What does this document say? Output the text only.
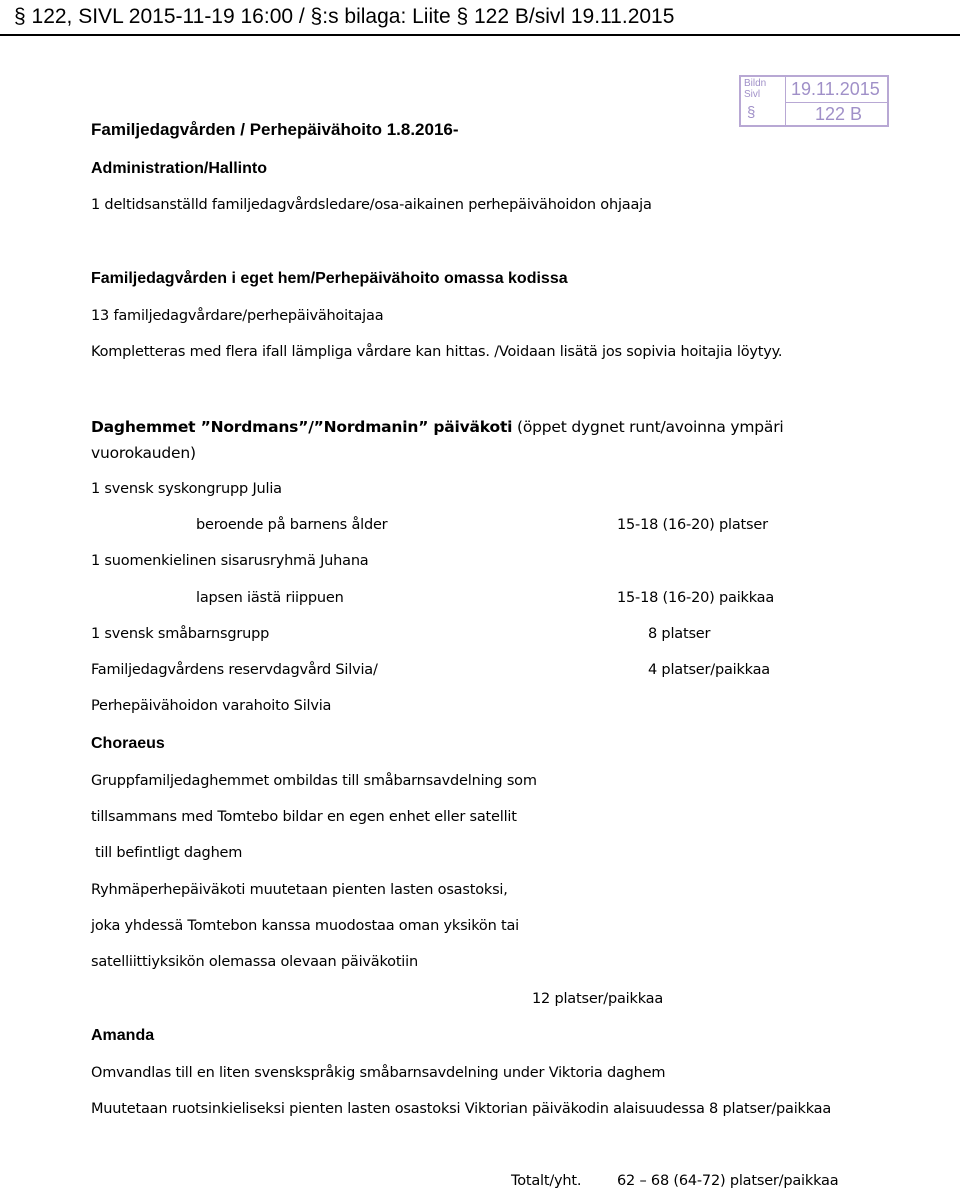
§ 122, SIVL 2015-11-19 16:00 / §:s bilaga: Liite § 122 B/sivl 19.11.2015
Bildn
Sivl 19.11.2015
§	122 B
Familjedagvården / Perhepäivähoito 1.8.2016-
Administration/Hallinto
1 deltidsanställd familjedagvårdsledare/osa-aikainen perhepäivähoidon ohjaaja
Familjedagvården i eget hem/Perhepäivähoito omassa kodissa
13 familjedagvårdare/perhepäivähoitajaa
Kompletteras med flera ifall lämpliga vårdare kan hittas. /Voidaan lisätä jos sopivia hoitajia löytyy.
Daghemmet ”Nordmans”/”Nordmanin” päiväkoti (öppet dygnet runt/avoinna ympäri
vuorokauden)
1 svensk syskongrupp Julia
beroende på barnens ålder	15-18 (16-20) platser
1 suomenkielinen sisarusryhmä Juhana
lapsen iästä riippuen	15-18 (16-20) paikkaa
1 svensk småbarnsgrupp	8 platser
Familjedagvårdens reservdagvård Silvia/	4 platser/paikkaa
Perhepäivähoidon varahoito Silvia
Choraeus
Gruppfamiljedaghemmet ombildas till småbarnsavdelning som
tillsammans med Tomtebo bildar en egen enhet eller satellit
till befintligt daghem
Ryhmäperhepäiväkoti muutetaan pienten lasten osastoksi,
joka yhdessä Tomtebon kanssa muodostaa oman yksikön tai
satelliittiyksikön olemassa olevaan päiväkotiin
12 platser/paikkaa
Amanda
Omvandlas till en liten svenskspråkig småbarnsavdelning under Viktoria daghem
Muutetaan ruotsinkieliseksi pienten lasten osastoksi Viktorian päiväkodin alaisuudessa 8 platser/paikkaa
Totalt/yht. 62 – 68 (64-72) platser/paikkaa
